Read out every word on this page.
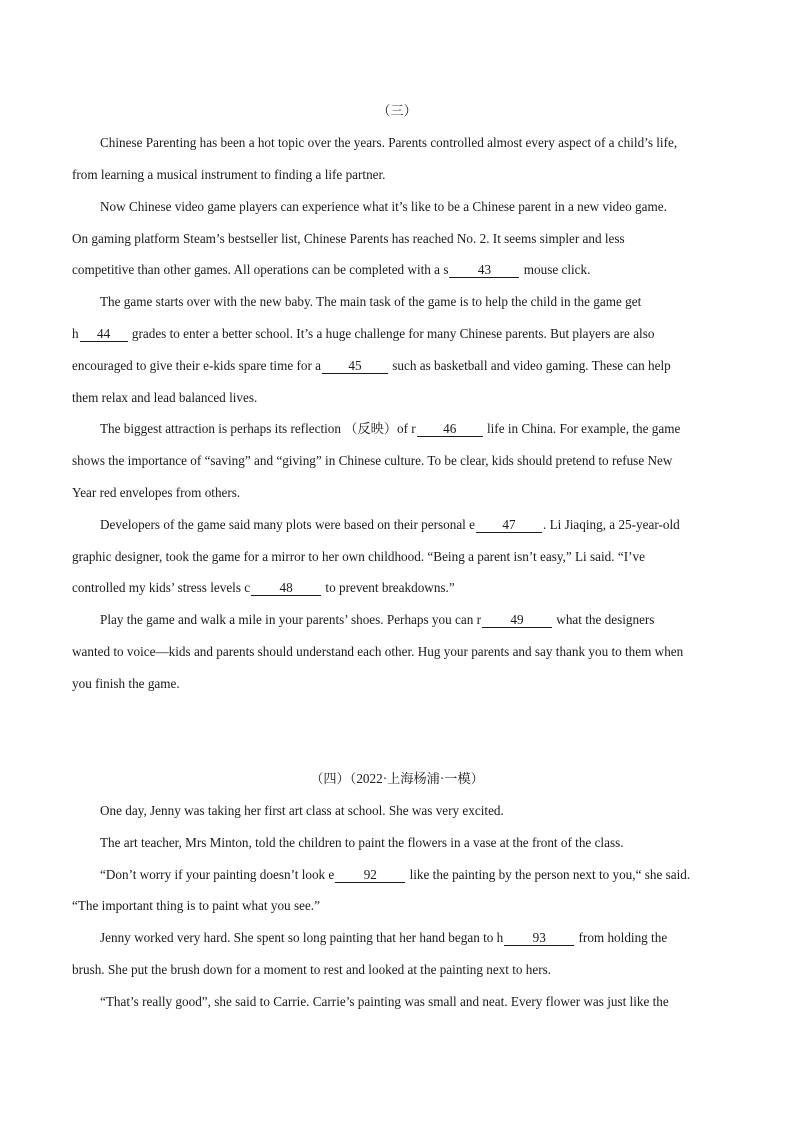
（三）
Chinese Parenting has been a hot topic over the years. Parents controlled almost every aspect of a child’s life,
from learning a musical instrument to finding a life partner.
Now Chinese video game players can experience what it’s like to be a Chinese parent in a new video game.
On gaming platform Steam’s bestseller list, Chinese Parents has reached No. 2. It seems simpler and less
competitive than other games. All operations can be completed with a s 43 mouse click.
The game starts over with the new baby. The main task of the game is to help the child in the game get
h 44 grades to enter a better school. It’s a huge challenge for many Chinese parents. But players are also
encouraged to give their e-kids spare time for a 45 such as basketball and video gaming. These can help
them relax and lead balanced lives.
The biggest attraction is perhaps its reflection （反映）of r 46 life in China. For example, the game
shows the importance of “saving” and “giving” in Chinese culture. To be clear, kids should pretend to refuse New
Year red envelopes from others.
Developers of the game said many plots were based on their personal e 47 . Li Jiaqing, a 25-year-old
graphic designer, took the game for a mirror to her own childhood. “Being a parent isn’t easy,” Li said. “I’ve
controlled my kids’ stress levels c 48 to prevent breakdowns.”
Play the game and walk a mile in your parents’ shoes. Perhaps you can r 49 what the designers
wanted to voice—kids and parents should understand each other. Hug your parents and say thank you to them when
you finish the game.
（四）（2022·上海杨浦·一模）
One day, Jenny was taking her first art class at school. She was very excited.
The art teacher, Mrs Minton, told the children to paint the flowers in a vase at the front of the class.
“Don’t worry if your painting doesn’t look e 92 like the painting by the person next to you,“ she said.
“The important thing is to paint what you see.”
Jenny worked very hard. She spent so long painting that her hand began to h 93 from holding the
brush. She put the brush down for a moment to rest and looked at the painting next to hers.
“That’s really good”, she said to Carrie. Carrie’s painting was small and neat. Every flower was just like the
